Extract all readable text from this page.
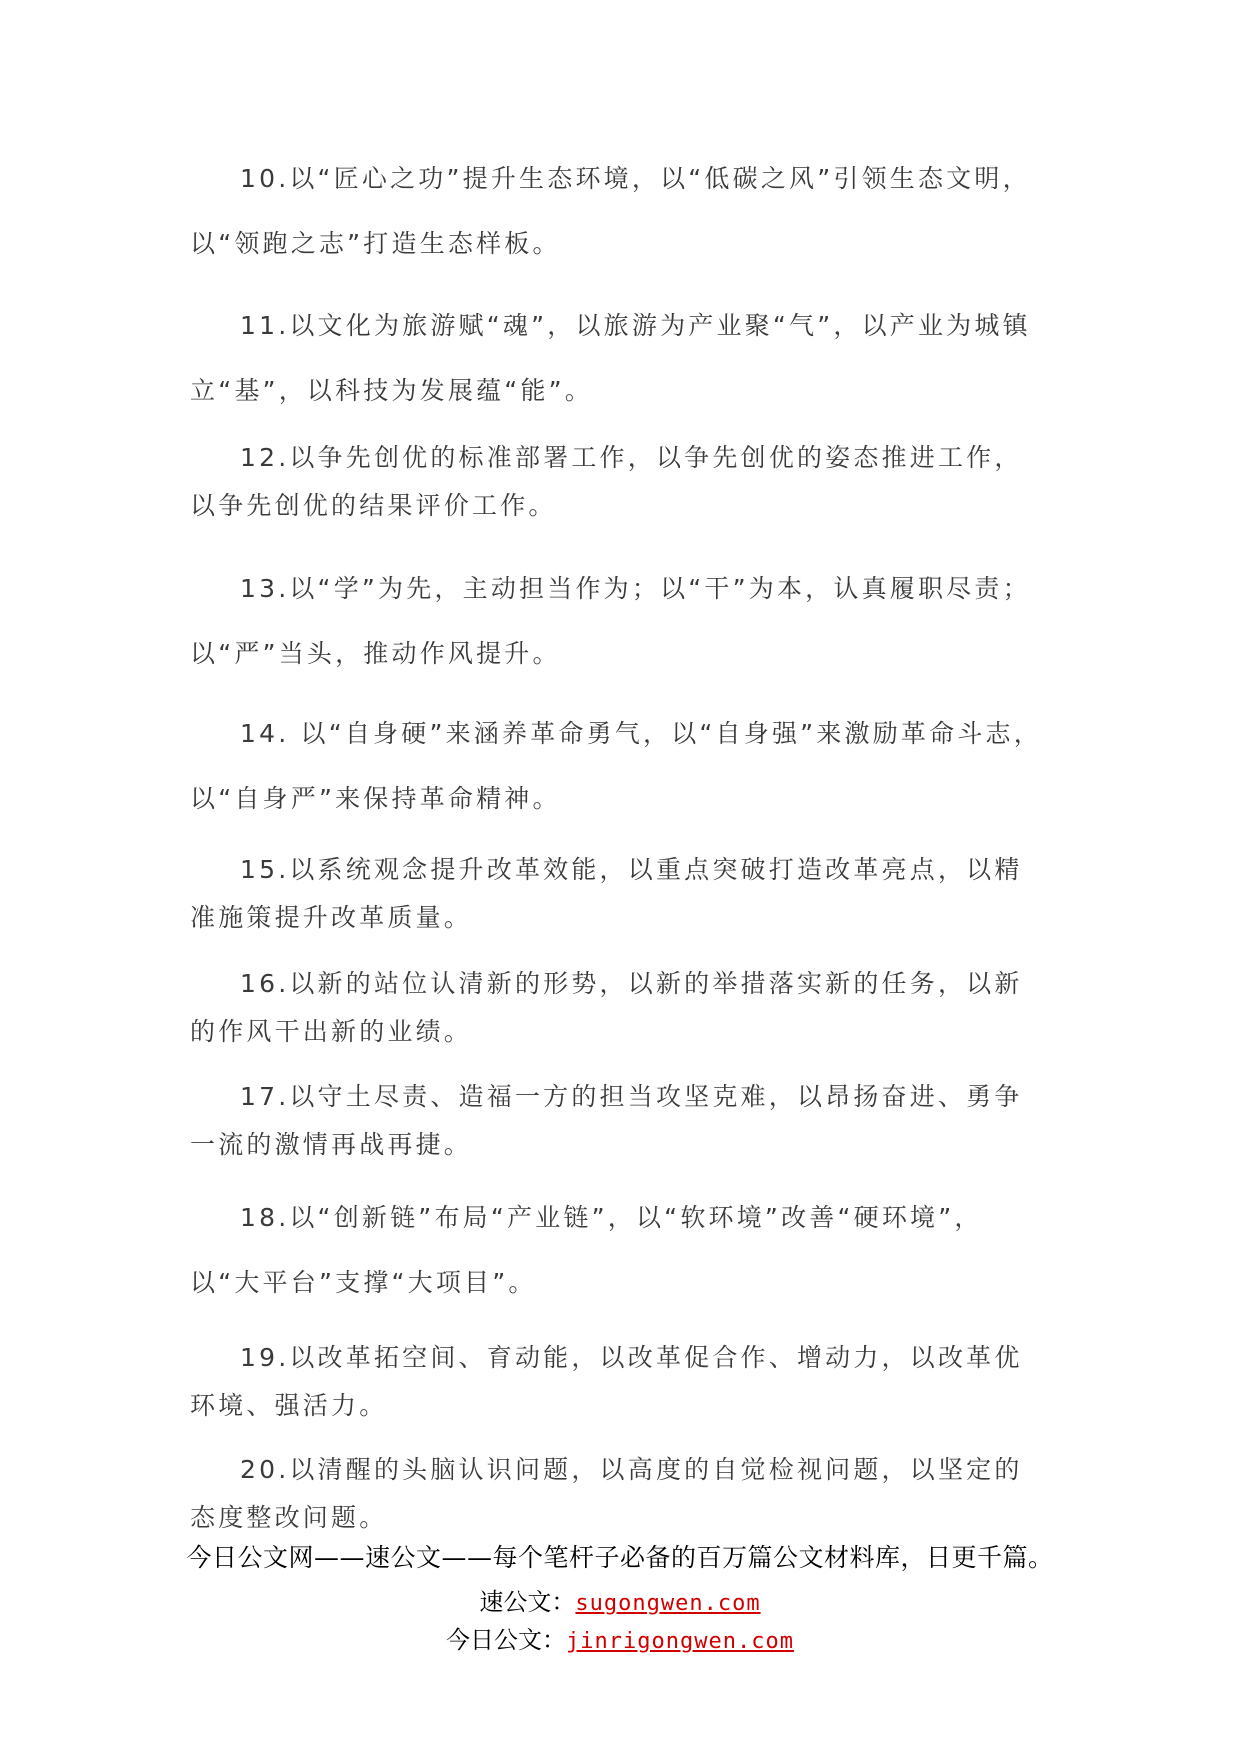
10.以“匠心之功”提升生态环境，以“低碳之风”引领生态文明，以“领跑之志”打造生态样板。

11.以文化为旅游赋“魂”，以旅游为产业聚“气”，以产业为城镇立“基”，以科技为发展蕴“能”。

12.以争先创优的标准部署工作，以争先创优的姿态推进工作，以争先创优的结果评价工作。

13.以“学”为先，主动担当作为；以“干”为本，认真履职尽责；以“严”当头，推动作风提升。

14. 以“自身硬”来涵养革命勇气，以“自身强”来激励革命斗志，以“自身严”来保持革命精神。

15.以系统观念提升改革效能，以重点突破打造改革亮点，以精准施策提升改革质量。

16.以新的站位认清新的形势，以新的举措落实新的任务，以新的作风干出新的业绩。

17.以守土尽责、造福一方的担当攻坚克难，以昂扬奋进、勇争一流的激情再战再捷。

18.以“创新链”布局“产业链”，以“软环境”改善“硬环境”，以“大平台”支撑“大项目”。

19.以改革拓空间、育动能，以改革促合作、增动力，以改革优环境、强活力。

20.以清醒的头脑认识问题，以高度的自觉检视问题，以坚定的态度整改问题。

今日公文网——速公文——每个笔杆子必备的百万篇公文材料库，日更千篇。
速公文：sugongwen.com
今日公文：jinrigongwen.com
